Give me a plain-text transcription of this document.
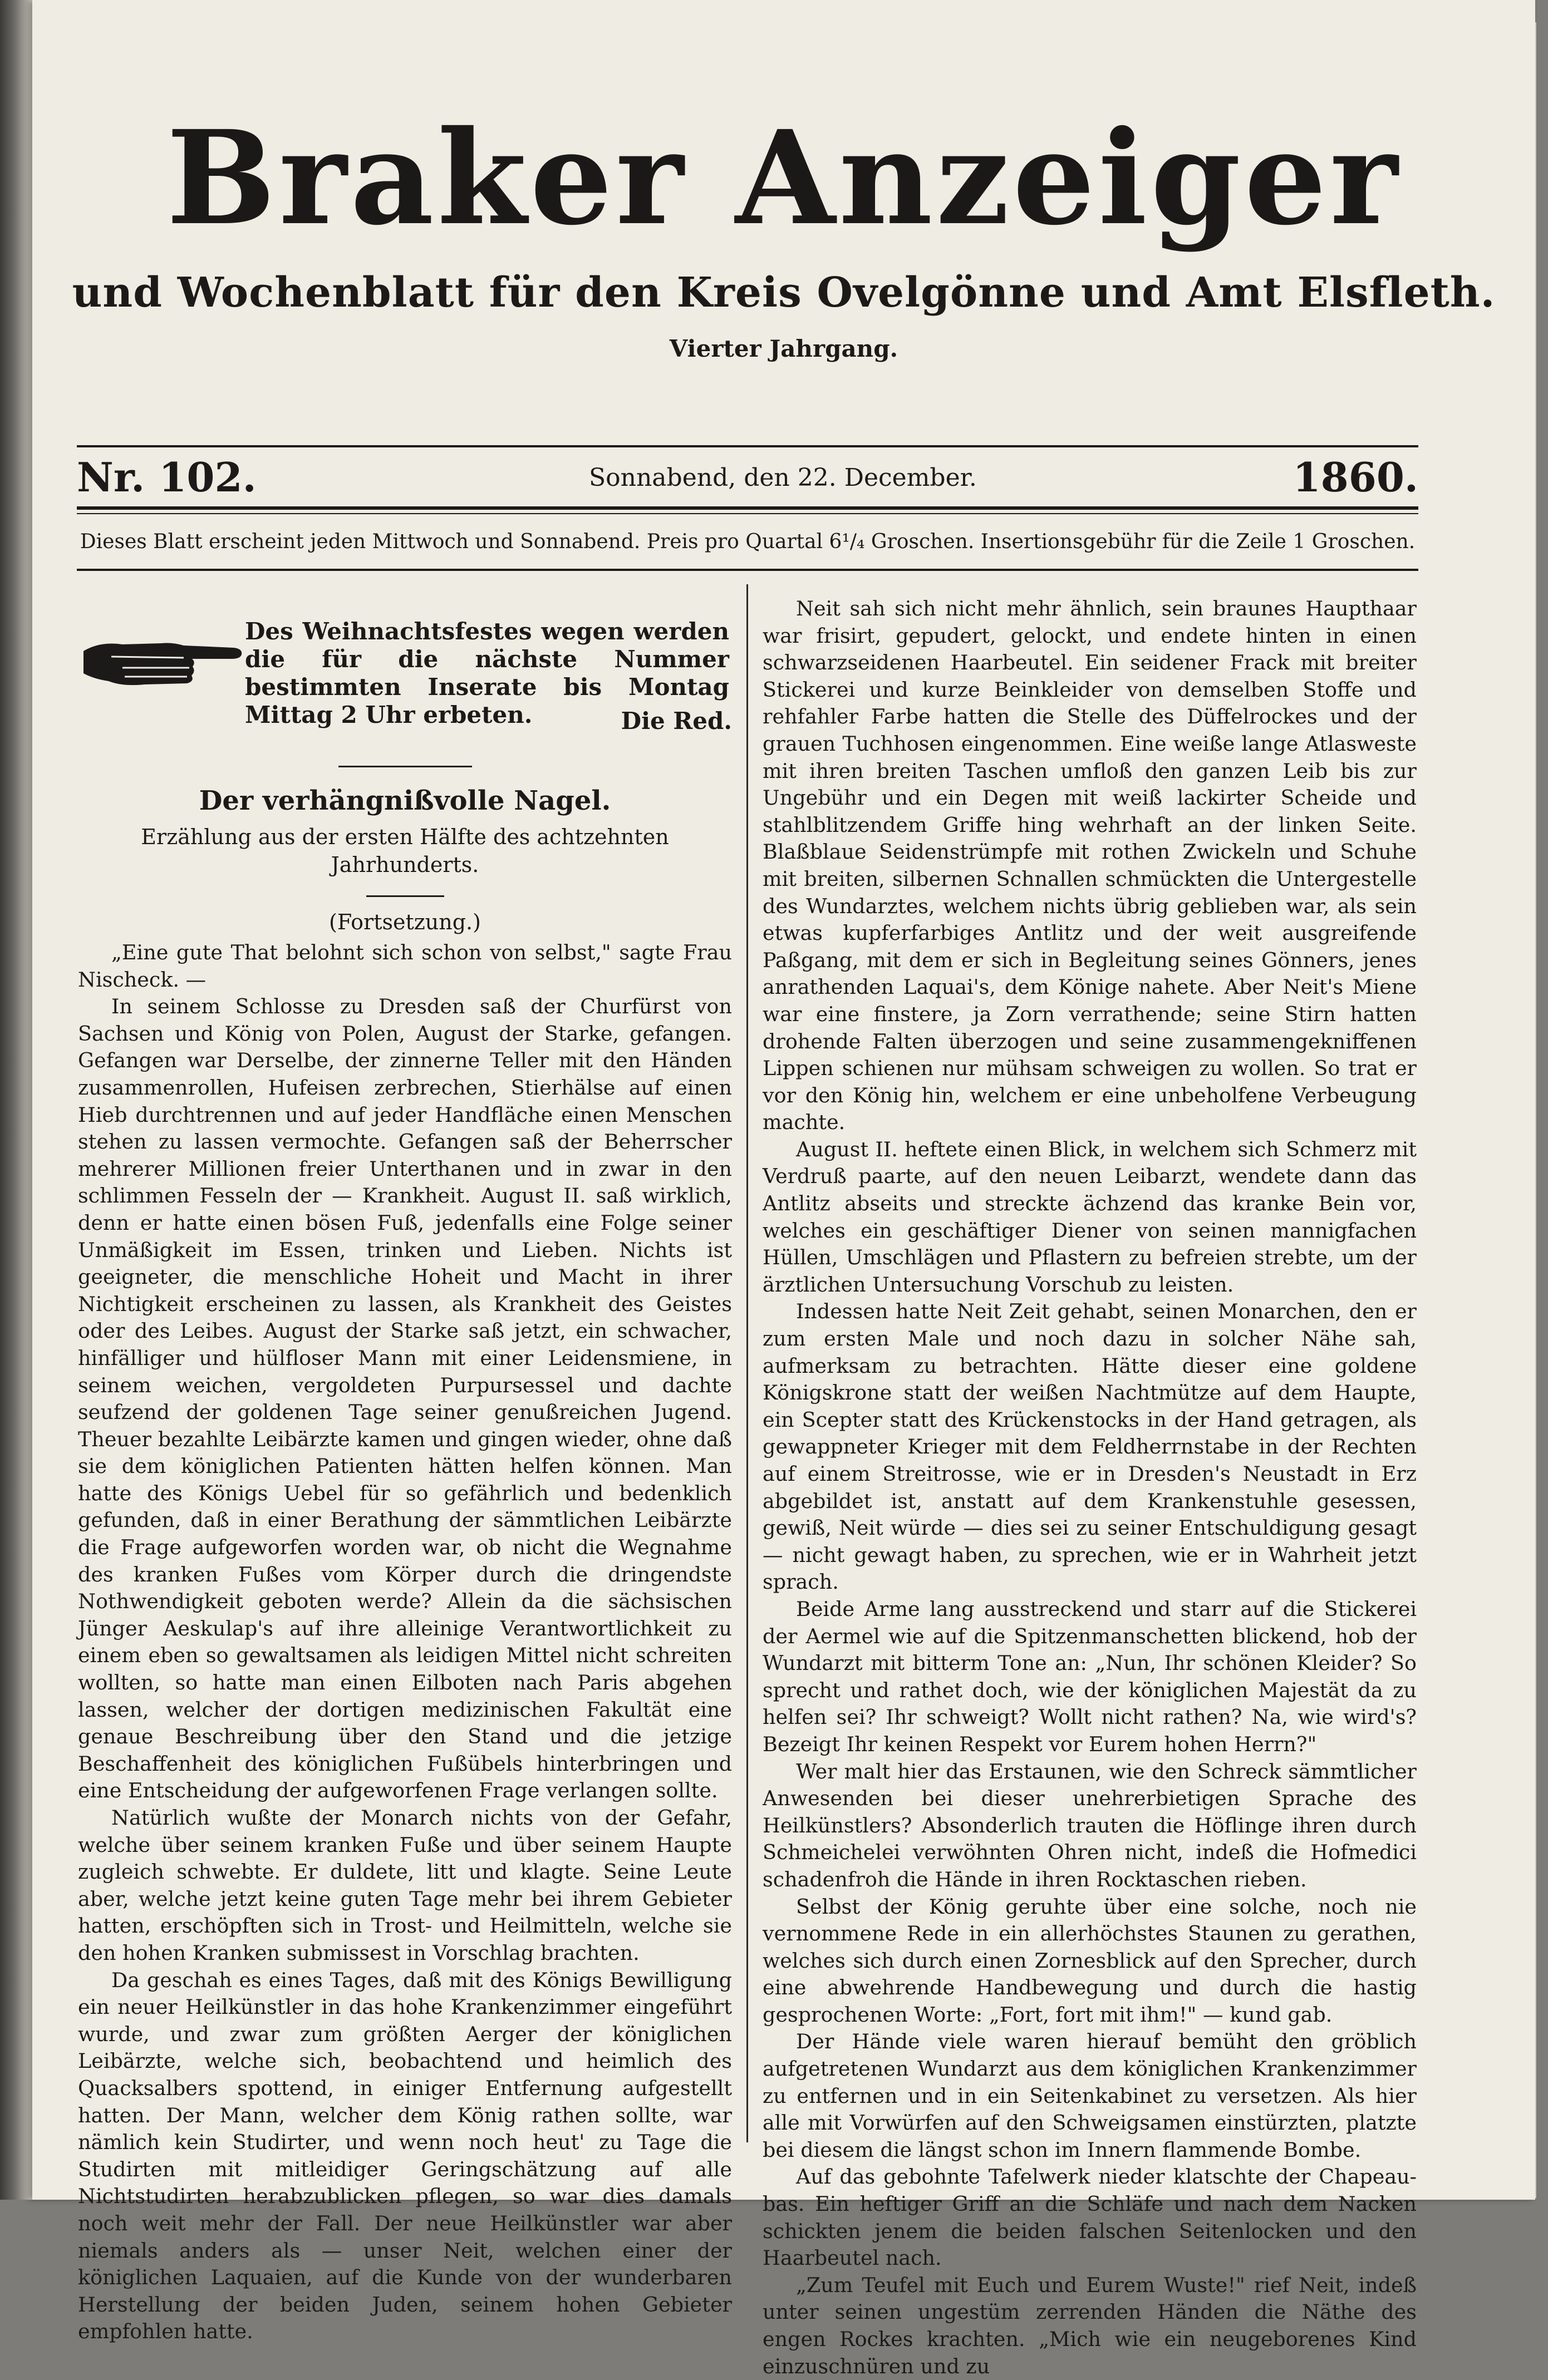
Braker Anzeiger
und Wochenblatt für den Kreis Ovelgönne und Amt Elsfleth.
Vierter Jahrgang.
Nr. 102.	Sonnabend, den 22. December.	1860.
Dieses Blatt erscheint jeden Mittwoch und Sonnabend. Preis pro Quartal 6¹/₄ Groschen. Insertionsgebühr für die Zeile 1 Groschen.
Des Weihnachtsfestes wegen werden die für die nächste Nummer bestimmten Inserate bis Montag Mittag 2 Uhr erbeten.	Die Red.
Der verhängnißvolle Nagel.
Erzählung aus der ersten Hälfte des achtzehnten Jahrhunderts.
(Fortsetzung.)

„Eine gute That belohnt sich schon von selbst," sagte Frau Nischeck. —

In seinem Schlosse zu Dresden saß der Churfürst von Sachsen und König von Polen, August der Starke, gefangen. Gefangen war Derselbe, der zinnerne Teller mit den Händen zusammenrollen, Hufeisen zerbrechen, Stierhälse auf einen Hieb durchtrennen und auf jeder Handfläche einen Menschen stehen zu lassen vermochte. Gefangen saß der Beherrscher mehrerer Millionen freier Unterthanen und in zwar in den schlimmen Fesseln der — Krankheit. August II. saß wirklich, denn er hatte einen bösen Fuß, jedenfalls eine Folge seiner Unmäßigkeit im Essen, trinken und Lieben. Nichts ist geeigneter, die menschliche Hoheit und Macht in ihrer Nichtigkeit erscheinen zu lassen, als Krankheit des Geistes oder des Leibes. August der Starke saß jetzt, ein schwacher, hinfälliger und hülfloser Mann mit einer Leidensmiene, in seinem weichen, vergoldeten Purpursessel und dachte seufzend der goldenen Tage seiner genußreichen Jugend. Theuer bezahlte Leibärzte kamen und gingen wieder, ohne daß sie dem königlichen Patienten hätten helfen können. Man hatte des Königs Uebel für so gefährlich und bedenklich gefunden, daß in einer Berathung der sämmtlichen Leibärzte die Frage aufgeworfen worden war, ob nicht die Wegnahme des kranken Fußes vom Körper durch die dringendste Nothwendigkeit geboten werde? Allein da die sächsischen Jünger Aeskulap's auf ihre alleinige Verantwortlichkeit zu einem eben so gewaltsamen als leidigen Mittel nicht schreiten wollten, so hatte man einen Eilboten nach Paris abgehen lassen, welcher der dortigen medizinischen Fakultät eine genaue Beschreibung über den Stand und die jetzige Beschaffenheit des königlichen Fußübels hinterbringen und eine Entscheidung der aufgeworfenen Frage verlangen sollte.

Natürlich wußte der Monarch nichts von der Gefahr, welche über seinem kranken Fuße und über seinem Haupte zugleich schwebte. Er duldete, litt und klagte. Seine Leute aber, welche jetzt keine guten Tage mehr bei ihrem Gebieter hatten, erschöpften sich in Trost- und Heilmitteln, welche sie den hohen Kranken submissest in Vorschlag brachten.

Da geschah es eines Tages, daß mit des Königs Bewilligung ein neuer Heilkünstler in das hohe Krankenzimmer eingeführt wurde, und zwar zum größten Aerger der königlichen Leibärzte, welche sich, beobachtend und heimlich des Quacksalbers spottend, in einiger Entfernung aufgestellt hatten. Der Mann, welcher dem König rathen sollte, war nämlich kein Studirter, und wenn noch heut' zu Tage die Studirten mit mitleidiger Geringschätzung auf alle Nichtstudirten herabzublicken pflegen, so war dies damals noch weit mehr der Fall. Der neue Heilkünstler war aber niemals anders als — unser Neit, welchen einer der königlichen Laquaien, auf die Kunde von der wunderbaren Herstellung der beiden Juden, seinem hohen Gebieter empfohlen hatte.

Neit sah sich nicht mehr ähnlich, sein braunes Haupthaar war frisirt, gepudert, gelockt, und endete hinten in einen schwarzseidenen Haarbeutel. Ein seidener Frack mit breiter Stickerei und kurze Beinkleider von demselben Stoffe und rehfahler Farbe hatten die Stelle des Düffelrockes und der grauen Tuchhosen eingenommen. Eine weiße lange Atlasweste mit ihren breiten Taschen umfloß den ganzen Leib bis zur Ungebühr und ein Degen mit weiß lackirter Scheide und stahlblitzendem Griffe hing wehrhaft an der linken Seite. Blaßblaue Seidenstrümpfe mit rothen Zwickeln und Schuhe mit breiten, silbernen Schnallen schmückten die Untergestelle des Wundarztes, welchem nichts übrig geblieben war, als sein etwas kupferfarbiges Antlitz und der weit ausgreifende Paßgang, mit dem er sich in Begleitung seines Gönners, jenes anrathenden Laquai's, dem Könige nahete. Aber Neit's Miene war eine finstere, ja Zorn verrathende; seine Stirn hatten drohende Falten überzogen und seine zusammengekniffenen Lippen schienen nur mühsam schweigen zu wollen. So trat er vor den König hin, welchem er eine unbeholfene Verbeugung machte.

August II. heftete einen Blick, in welchem sich Schmerz mit Verdruß paarte, auf den neuen Leibarzt, wendete dann das Antlitz abseits und streckte ächzend das kranke Bein vor, welches ein geschäftiger Diener von seinen mannigfachen Hüllen, Umschlägen und Pflastern zu befreien strebte, um der ärztlichen Untersuchung Vorschub zu leisten.

Indessen hatte Neit Zeit gehabt, seinen Monarchen, den er zum ersten Male und noch dazu in solcher Nähe sah, aufmerksam zu betrachten. Hätte dieser eine goldene Königskrone statt der weißen Nachtmütze auf dem Haupte, ein Scepter statt des Krückenstocks in der Hand getragen, als gewappneter Krieger mit dem Feldherrnstabe in der Rechten auf einem Streitrosse, wie er in Dresden's Neustadt in Erz abgebildet ist, anstatt auf dem Krankenstuhle gesessen, gewiß, Neit würde — dies sei zu seiner Entschuldigung gesagt — nicht gewagt haben, zu sprechen, wie er in Wahrheit jetzt sprach.

Beide Arme lang ausstreckend und starr auf die Stickerei der Aermel wie auf die Spitzenmanschetten blickend, hob der Wundarzt mit bitterm Tone an: „Nun, Ihr schönen Kleider? So sprecht und rathet doch, wie der königlichen Majestät da zu helfen sei? Ihr schweigt? Wollt nicht rathen? Na, wie wird's? Bezeigt Ihr keinen Respekt vor Eurem hohen Herrn?"

Wer malt hier das Erstaunen, wie den Schreck sämmtlicher Anwesenden bei dieser unehrerbietigen Sprache des Heilkünstlers? Absonderlich trauten die Höflinge ihren durch Schmeichelei verwöhnten Ohren nicht, indeß die Hofmedici schadenfroh die Hände in ihren Rocktaschen rieben.

Selbst der König geruhte über eine solche, noch nie vernommene Rede in ein allerhöchstes Staunen zu gerathen, welches sich durch einen Zornesblick auf den Sprecher, durch eine abwehrende Handbewegung und durch die hastig gesprochenen Worte: „Fort, fort mit ihm!" — kund gab.

Der Hände viele waren hierauf bemüht den gröblich aufgetretenen Wundarzt aus dem königlichen Krankenzimmer zu entfernen und in ein Seitenkabinet zu versetzen. Als hier alle mit Vorwürfen auf den Schweigsamen einstürzten, platzte bei diesem die längst schon im Innern flammende Bombe.

Auf das gebohnte Tafelwerk nieder klatschte der Chapeau-bas. Ein heftiger Griff an die Schläfe und nach dem Nacken schickten jenem die beiden falschen Seitenlocken und den Haarbeutel nach.

„Zum Teufel mit Euch und Eurem Wuste!" rief Neit, indeß unter seinen ungestüm zerrenden Händen die Näthe des engen Rockes krachten. „Mich wie ein neugeborenes Kind einzuschnüren und zu
